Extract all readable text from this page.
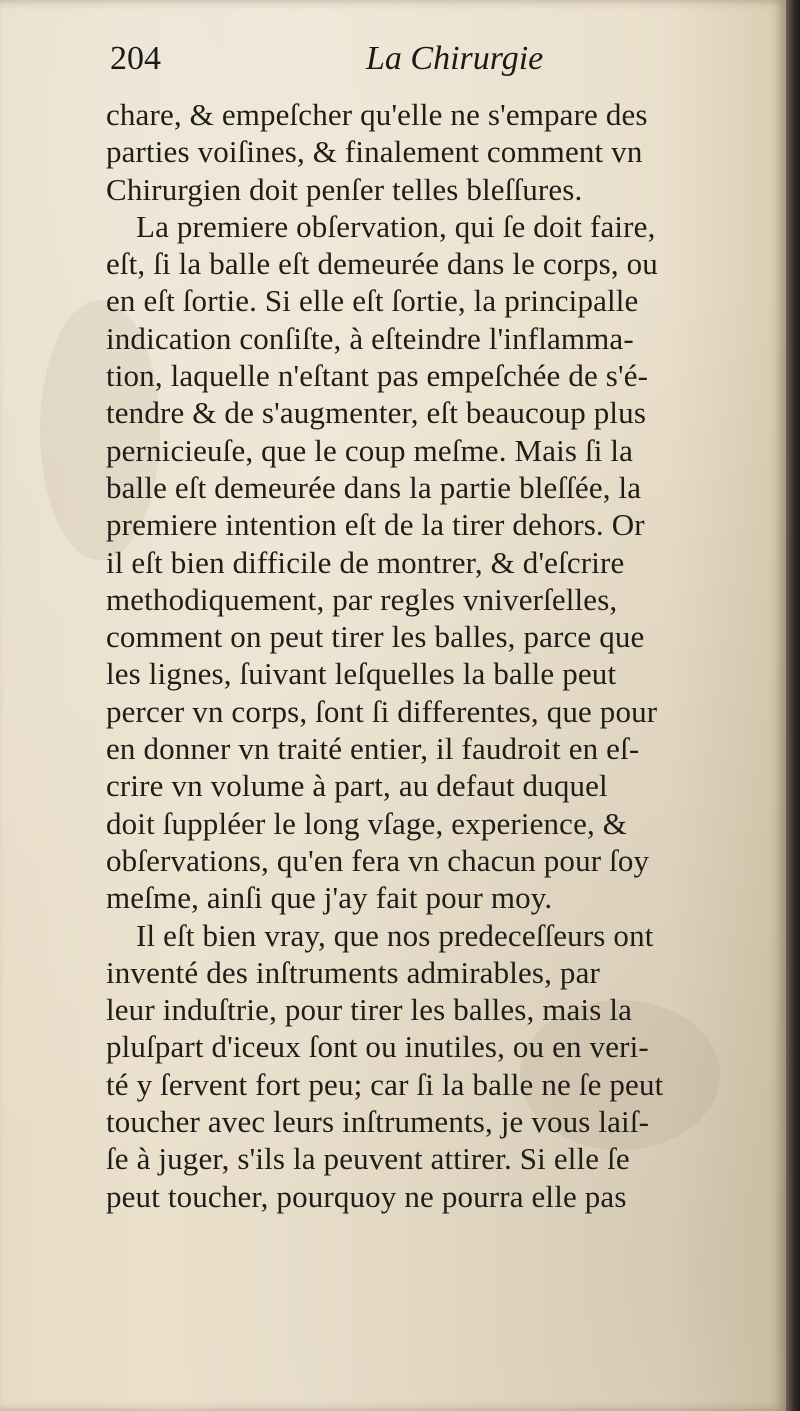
204	La Chirurgie
chare, & empeſcher qu'elle ne s'empare des
parties voiſines, & finalement comment vn
Chirurgien doit penſer telles bleſſures.
La premiere obſervation, qui ſe doit faire,
eſt, ſi la balle eſt demeurée dans le corps, ou
en eſt ſortie. Si elle eſt ſortie, la principalle
indication conſiſte, à eſteindre l'inflamma-
tion, laquelle n'eſtant pas empeſchée de s'é-
tendre & de s'augmenter, eſt beaucoup plus
pernicieuſe, que le coup meſme. Mais ſi la
balle eſt demeurée dans la partie bleſſée, la
premiere intention eſt de la tirer dehors. Or
il eſt bien difficile de montrer, & d'eſcrire
methodiquement, par regles vniverſelles,
comment on peut tirer les balles, parce que
les lignes, ſuivant leſquelles la balle peut
percer vn corps, ſont ſi differentes, que pour
en donner vn traité entier, il faudroit en eſ-
crire vn volume à part, au defaut duquel
doit ſuppléer le long vſage, experience, &
obſervations, qu'en fera vn chacun pour ſoy
meſme, ainſi que j'ay fait pour moy.
Il eſt bien vray, que nos predeceſſeurs ont
inventé des inſtruments admirables, par
leur induſtrie, pour tirer les balles, mais la
pluſpart d'iceux ſont ou inutiles, ou en veri-
té y ſervent fort peu; car ſi la balle ne ſe peut
toucher avec leurs inſtruments, je vous laiſ-
ſe à juger, s'ils la peuvent attirer. Si elle ſe
peut toucher, pourquoy ne pourra elle pas
